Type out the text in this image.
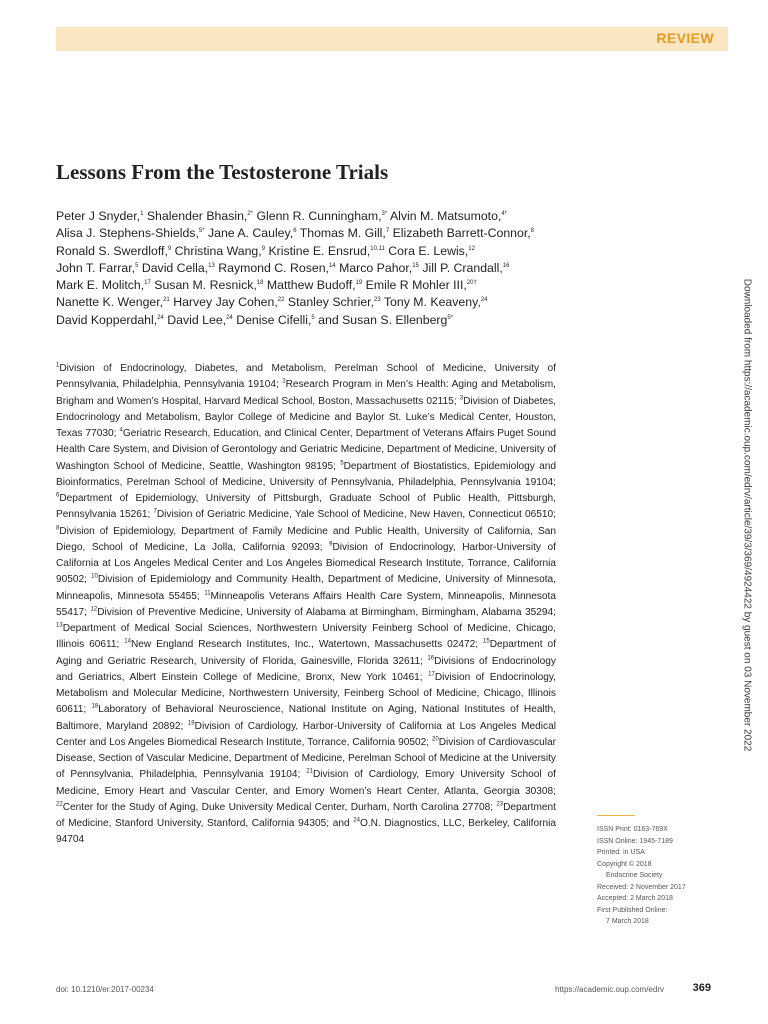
REVIEW
Lessons From the Testosterone Trials
Peter J Snyder,$^1$ Shalender Bhasin,$^{2*}$ Glenn R. Cunningham,$^{3*}$ Alvin M. Matsumoto,$^{4*}$ Alisa J. Stephens-Shields,$^{5*}$ Jane A. Cauley,$^6$ Thomas M. Gill,$^7$ Elizabeth Barrett-Connor,$^8$ Ronald S. Swerdloff,$^9$ Christina Wang,$^9$ Kristine E. Ensrud,$^{10,11}$ Cora E. Lewis,$^{12}$ John T. Farrar,$^5$ David Cella,$^{13}$ Raymond C. Rosen,$^{14}$ Marco Pahor,$^{15}$ Jill P. Crandall,$^{16}$ Mark E. Molitch,$^{17}$ Susan M. Resnick,$^{18}$ Matthew Budoff,$^{19}$ Emile R Mohler III,$^{20\dagger}$ Nanette K. Wenger,$^{21}$ Harvey Jay Cohen,$^{22}$ Stanley Schrier,$^{23}$ Tony M. Keaveny,$^{24}$ David Kopperdahl,$^{24}$ David Lee,$^{24}$ Denise Cifelli,$^5$ and Susan S. Ellenberg$^{5*}$
$^1$Division of Endocrinology, Diabetes, and Metabolism, Perelman School of Medicine, University of Pennsylvania, Philadelphia, Pennsylvania 19104; $^2$Research Program in Men’s Health: Aging and Metabolism, Brigham and Women’s Hospital, Harvard Medical School, Boston, Massachusetts 02115; $^3$Division of Diabetes, Endocrinology and Metabolism, Baylor College of Medicine and Baylor St. Luke’s Medical Center, Houston, Texas 77030; $^4$Geriatric Research, Education, and Clinical Center, Department of Veterans Affairs Puget Sound Health Care System, and Division of Gerontology and Geriatric Medicine, Department of Medicine, University of Washington School of Medicine, Seattle, Washington 98195; $^5$Department of Biostatistics, Epidemiology and Bioinformatics, Perelman School of Medicine, University of Pennsylvania, Philadelphia, Pennsylvania 19104; $^6$Department of Epidemiology, University of Pittsburgh, Graduate School of Public Health, Pittsburgh, Pennsylvania 15261; $^7$Division of Geriatric Medicine, Yale School of Medicine, New Haven, Connecticut 06510; $^8$Division of Epidemiology, Department of Family Medicine and Public Health, University of California, San Diego, School of Medicine, La Jolla, California 92093; $^9$Division of Endocrinology, Harbor-University of California at Los Angeles Medical Center and Los Angeles Biomedical Research Institute, Torrance, California 90502; $^{10}$Division of Epidemiology and Community Health, Department of Medicine, University of Minnesota, Minneapolis, Minnesota 55455; $^{11}$Minneapolis Veterans Affairs Health Care System, Minneapolis, Minnesota 55417; $^{12}$Division of Preventive Medicine, University of Alabama at Birmingham, Birmingham, Alabama 35294; $^{13}$Department of Medical Social Sciences, Northwestern University Feinberg School of Medicine, Chicago, Illinois 60611; $^{14}$New England Research Institutes, Inc., Watertown, Massachusetts 02472; $^{15}$Department of Aging and Geriatric Research, University of Florida, Gainesville, Florida 32611; $^{16}$Divisions of Endocrinology and Geriatrics, Albert Einstein College of Medicine, Bronx, New York 10461; $^{17}$Division of Endocrinology, Metabolism and Molecular Medicine, Northwestern University, Feinberg School of Medicine, Chicago, Illinois 60611; $^{18}$Laboratory of Behavioral Neuroscience, National Institute on Aging, National Institutes of Health, Baltimore, Maryland 20892; $^{19}$Division of Cardiology, Harbor-University of California at Los Angeles Medical Center and Los Angeles Biomedical Research Institute, Torrance, California 90502; $^{20}$Division of Cardiovascular Disease, Section of Vascular Medicine, Department of Medicine, Perelman School of Medicine at the University of Pennsylvania, Philadelphia, Pennsylvania 19104; $^{21}$Division of Cardiology, Emory University School of Medicine, Emory Heart and Vascular Center, and Emory Women’s Heart Center, Atlanta, Georgia 30308; $^{22}$Center for the Study of Aging, Duke University Medical Center, Durham, North Carolina 27708; $^{23}$Department of Medicine, Stanford University, Stanford, California 94305; and $^{24}$O.N. Diagnostics, LLC, Berkeley, California 94704
ISSN Print: 0163-769X
ISSN Online: 1945-7189
Printed: in USA
Copyright © 2018
Endocrine Society
Received: 2 November 2017
Accepted: 2 March 2018
First Published Online:
7 March 2018
Downloaded from https://academic.oup.com/edrv/article/39/3/369/4924422 by guest on 03 November 2022
doi: 10.1210/er.2017-00234	https://academic.oup.com/edrv	369
